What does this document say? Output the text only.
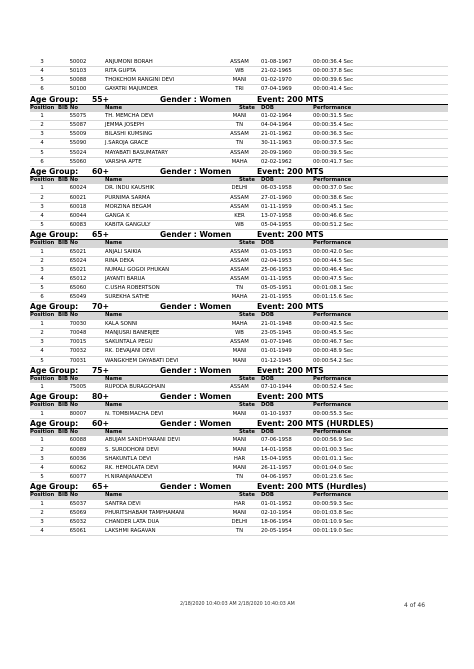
3	50002	ANJUMONI BORAH	ASSAM	01-08-1967	00:00:36.4 Sec
4	50103	RITA GUPTA	WB	21-02-1965	00:00:37.8 Sec
5	50088	THOKCHOM RANGINI DEVI	MANI	01-02-1970	00:00:39.6 Sec
6	50100	GAYATRI MAJUMDER	TRI	07-04-1969	00:00:41.4 Sec
Age Group:	55+	Gender : Women	Event: 200 MTS
Position BIB No	Name	State	DOB	Performance
1	55075	TH. MEMCHA DEVI	MANI	01-02-1964	00:00:31.5 Sec
2	55087	JEMMA JOSEPH	TN	04-04-1964	00:00:35.4 Sec
3	55009	BILASHI KUMSING	ASSAM	21-01-1962	00:00:36.3 Sec
4	55090	J.SAROJA GRACE	TN	30-11-1963	00:00:37.5 Sec
5	55024	MAYABATI BASUMATARY	ASSAM	20-09-1960	00:00:39.5 Sec
6	55060	VARSHA APTE	MAHA	02-02-1962	00:00:41.7 Sec
Age Group:	60+	Gender : Women	Event: 200 MTS
Position BIB No	Name	State	DOB	Performance
1	60024	DR. INDU KAUSHIK	DELHI	06-03-1958	00:00:37.0 Sec
2	60021	PURNIMA SARMA	ASSAM	27-01-1960	00:00:38.6 Sec
3	60018	MORZINA BEGAM	ASSAM	01-11-1959	00:00:45.1 Sec
4	60044	GANGA K	KER	13-07-1958	00:00:46.6 Sec
5	60083	KABITA GANGULY	WB	05-04-1955	00:00:51.2 Sec
Age Group:	65+	Gender : Women	Event: 200 MTS
Position BIB No	Name	State	DOB	Performance
1	65021	ANJALI SAIKIA	ASSAM	01-03-1953	00:00:42.0 Sec
2	65024	RINA DEKA	ASSAM	02-04-1953	00:00:44.5 Sec
3	65021	NUMALI GOGOI PHUKAN	ASSAM	25-06-1953	00:00:46.4 Sec
4	65012	JAYANTI BARUA	ASSAM	01-11-1955	00:00:47.5 Sec
5	65060	C.USHA ROBERTSON	TN	05-05-1951	00:01:08.1 Sec
6	65049	SUREKHA SATHE	MAHA	21-01-1955	00:01:15.6 Sec
Age Group:	70+	Gender : Women	Event: 200 MTS
Position BIB No	Name	State	DOB	Performance
1	70030	KALA SONNI	MAHA	21-01-1948	00:00:42.5 Sec
2	70048	MANJUSRI BANERJEE	WB	23-05-1945	00:00:45.5 Sec
3	70015	SAKUNTALA PEGU	ASSAM	01-07-1946	00:00:46.7 Sec
4	70032	RK. DEVAJANI DEVI	MANI	01-01-1949	00:00:48.9 Sec
5	70031	WANGKHEM DAYABATI DEVI	MANI	01-12-1945	00:00:54.2 Sec
Age Group:	75+	Gender : Women	Event: 200 MTS
Position BIB No	Name	State	DOB	Performance
1	75005	RUPODA BURAGOHAIN	ASSAM	07-10-1944	00:00:52.4 Sec
Age Group:	80+	Gender : Women	Event: 200 MTS
Position BIB No	Name	State	DOB	Performance
1	80007	N. TOMBIMACHA DEVI	MANI	01-10-1937	00:00:55.3 Sec
Age Group:	60+	Gender : Women	Event: 200 MTS (HURDLES)
Position BIB No	Name	State	DOB	Performance
1	60088	ABUJAM SANDHYARANI DEVI	MANI	07-06-1958	00:00:56.9 Sec
2	60089	S. SURODHONI DEVI	MANI	14-01-1958	00:01:00.3 Sec
3	60036	SHAKUNTLA DEVI	HAR	15-04-1955	00:01:01.1 Sec
4	60062	RK. HEMOLATA DEVI	MANI	26-11-1957	00:01:04.0 Sec
5	60077	H.NIRANJANADEVI	TN	04-06-1957	00:01:23.6 Sec
Age Group:	65+	Gender : Women	Event: 200 MTS (Hurdles)
Position BIB No	Name	State	DOB	Performance
1	65037	SANTRA DEVI	HAR	01-01-1952	00:00:59.3 Sec
2	65069	PHURITSHABAM TAMPHAMANI	MANI	02-10-1954	00:01:03.8 Sec
3	65032	CHANDER LATA DUA	DELHI	18-06-1954	00:01:10.9 Sec
4	65061	LAKSHMI RAGAVAN	TN	20-05-1954	00:01:19.0 Sec
2/18/2020 10:40:03 AM 2/18/2020 10:40:03 AM	4 of 46
